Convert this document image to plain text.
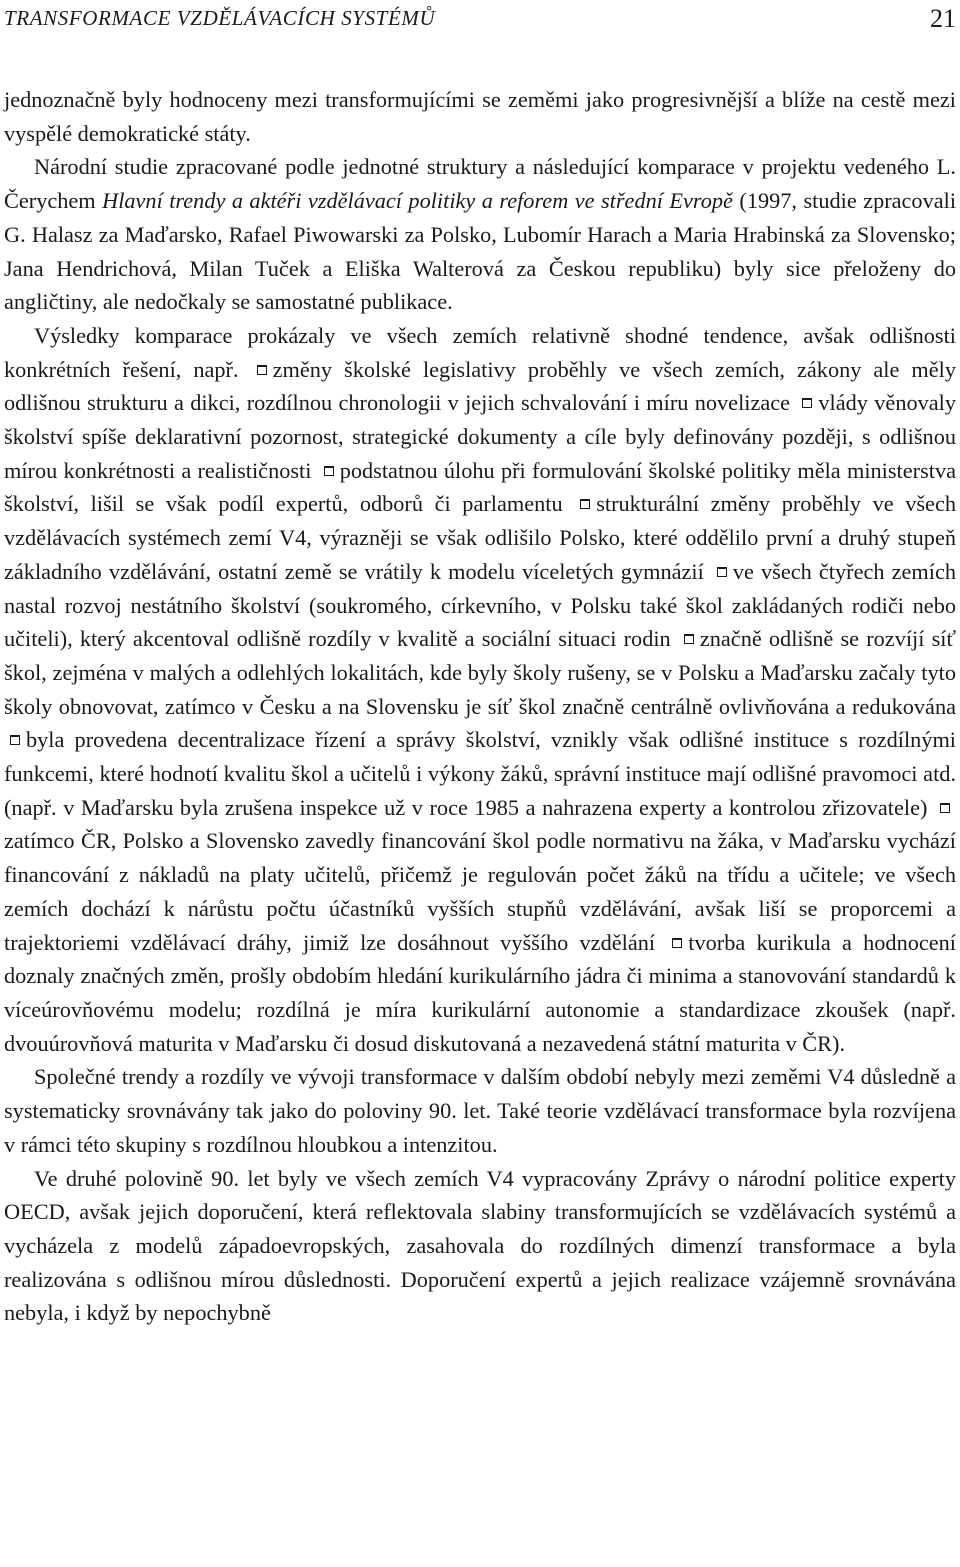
TRANSFORMACE VZDĚLÁVACÍCH SYSTÉMŮ	21

jednoznačně byly hodnoceny mezi transformujícími se zeměmi jako progresivnější a blíže na cestě mezi vyspělé demokratické státy.

Národní studie zpracované podle jednotné struktury a následující komparace v projektu vedeného L. Čerychem Hlavní trendy a aktéři vzdělávací politiky a reforem ve střední Evropě (1997, studie zpracovali G. Halasz za Maďarsko, Rafael Piwowarski za Polsko, Lubomír Harach a Maria Hrabinská za Slovensko; Jana Hendrichová, Milan Tuček a Eliška Walterová za Českou republiku) byly sice přeloženy do angličtiny, ale nedočkaly se samostatné publikace.

Výsledky komparace prokázaly ve všech zemích relativně shodné tendence, avšak odlišnosti konkrétních řešení, např. změny školské legislativy proběhly ve všech zemích, zákony ale měly odlišnou strukturu a dikci, rozdílnou chronologii v jejich schvalování i míru novelizace vlády věnovaly školství spíše deklarativní pozornost, strategické dokumenty a cíle byly definovány později, s odlišnou mírou konkrétnosti a realističnosti podstatnou úlohu při formulování školské politiky měla ministerstva školství, lišil se však podíl expertů, odborů či parlamentu strukturální změny proběhly ve všech vzdělávacích systémech zemí V4, výrazněji se však odlišilo Polsko, které oddělilo první a druhý stupeň základního vzdělávání, ostatní země se vrátily k modelu víceletých gymnázií ve všech čtyřech zemích nastal rozvoj nestátního školství (soukromého, církevního, v Polsku také škol zakládaných rodiči nebo učiteli), který akcentoval odlišně rozdíly v kvalitě a sociální situaci rodin značně odlišně se rozvíjí síť škol, zejména v malých a odlehlých lokalitách, kde byly školy rušeny, se v Polsku a Maďarsku začaly tyto školy obnovovat, zatímco v Česku a na Slovensku je síť škol značně centrálně ovlivňována a redukována byla provedena decentralizace řízení a správy školství, vznikly však odlišné instituce s rozdílnými funkcemi, které hodnotí kvalitu škol a učitelů i výkony žáků, správní instituce mají odlišné pravomoci atd. (např. v Maďarsku byla zrušena inspekce už v roce 1985 a nahrazena experty a kontrolou zřizovatele) zatímco ČR, Polsko a Slovensko zavedly financování škol podle normativu na žáka, v Maďarsku vychází financování z nákladů na platy učitelů, přičemž je regulován počet žáků na třídu a učitele; ve všech zemích dochází k nárůstu počtu účastníků vyšších stupňů vzdělávání, avšak liší se proporcemi a trajektoriemi vzdělávací dráhy, jimiž lze dosáhnout vyššího vzdělání tvorba kurikula a hodnocení doznaly značných změn, prošly obdobím hledání kurikulárního jádra či minima a stanovování standardů k víceúrovňovému modelu; rozdílná je míra kurikulární autonomie a standardizace zkoušek (např. dvouúrovňová maturita v Maďarsku či dosud diskutovaná a nezavedená státní maturita v ČR).

Společné trendy a rozdíly ve vývoji transformace v dalším období nebyly mezi zeměmi V4 důsledně a systematicky srovnávány tak jako do poloviny 90. let. Také teorie vzdělávací transformace byla rozvíjena v rámci této skupiny s rozdílnou hloubkou a intenzitou.

Ve druhé polovině 90. let byly ve všech zemích V4 vypracovány Zprávy o národní politice experty OECD, avšak jejich doporučení, která reflektovala slabiny transformujících se vzdělávacích systémů a vycházela z modelů západoevropských, zasahovala do rozdílných dimenzí transformace a byla realizována s odlišnou mírou důslednosti. Doporučení expertů a jejich realizace vzájemně srovnávána nebyla, i když by nepochybně
